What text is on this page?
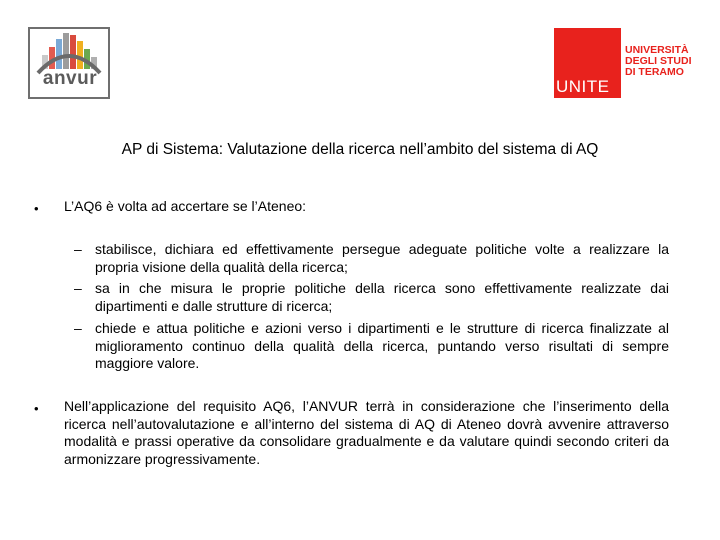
anvur	UNITE
UNIVERSITÀ
DEGLI STUDI
DI TERAMO
AP di Sistema: Valutazione della ricerca nell’ambito del sistema di AQ
• L’AQ6 è volta ad accertare se l’Ateneo:
– stabilisce, dichiara ed effettivamente persegue adeguate politiche volte a realizzare la propria visione della qualità della ricerca;
– sa in che misura le proprie politiche della ricerca sono effettivamente realizzate dai dipartimenti e dalle strutture di ricerca;
– chiede e attua politiche e azioni verso i dipartimenti e le strutture di ricerca finalizzate al miglioramento continuo della qualità della ricerca, puntando verso risultati di sempre maggiore valore.
• Nell’applicazione del requisito AQ6, l’ANVUR terrà in considerazione che l’inserimento della ricerca nell’autovalutazione e all’interno del sistema di AQ di Ateneo dovrà avvenire attraverso modalità e prassi operative da consolidare gradualmente e da valutare quindi secondo criteri da armonizzare progressivamente.
